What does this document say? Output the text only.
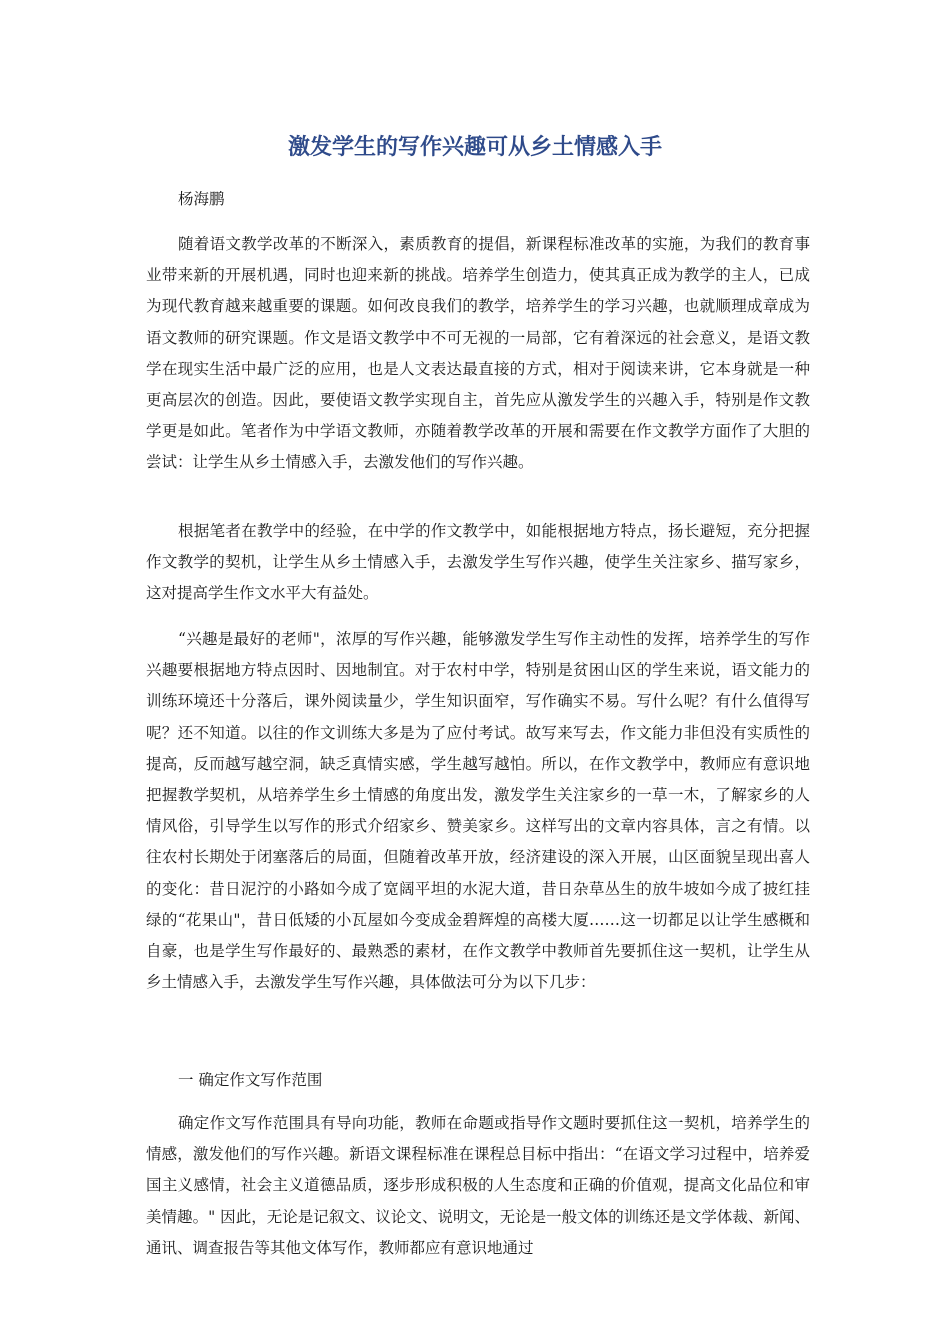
激发学生的写作兴趣可从乡土情感入手
杨海鹏

随着语文教学改革的不断深入，素质教育的提倡，新课程标准改革的实施，为我们的教育事业带来新的开展机遇，同时也迎来新的挑战。培养学生创造力，使其真正成为教学的主人，已成为现代教育越来越重要的课题。如何改良我们的教学，培养学生的学习兴趣，也就顺理成章成为语文教师的研究课题。作文是语文教学中不可无视的一局部，它有着深远的社会意义，是语文教学在现实生活中最广泛的应用，也是人文表达最直接的方式，相对于阅读来讲，它本身就是一种更高层次的创造。因此，要使语文教学实现自主，首先应从激发学生的兴趣入手，特别是作文教学更是如此。笔者作为中学语文教师，亦随着教学改革的开展和需要在作文教学方面作了大胆的尝试：让学生从乡土情感入手，去激发他们的写作兴趣。

根据笔者在教学中的经验，在中学的作文教学中，如能根据地方特点，扬长避短，充分把握作文教学的契机，让学生从乡土情感入手，去激发学生写作兴趣，使学生关注家乡、描写家乡，这对提高学生作文水平大有益处。

“兴趣是最好的老师"，浓厚的写作兴趣，能够激发学生写作主动性的发挥，培养学生的写作兴趣要根据地方特点因时、因地制宜。对于农村中学，特别是贫困山区的学生来说，语文能力的训练环境还十分落后，课外阅读量少，学生知识面窄，写作确实不易。写什么呢？有什么值得写呢？还不知道。以往的作文训练大多是为了应付考试。故写来写去，作文能力非但没有实质性的提高，反而越写越空洞，缺乏真情实感，学生越写越怕。所以，在作文教学中，教师应有意识地把握教学契机，从培养学生乡土情感的角度出发，激发学生关注家乡的一草一木，了解家乡的人情风俗，引导学生以写作的形式介绍家乡、赞美家乡。这样写出的文章内容具体，言之有情。以往农村长期处于闭塞落后的局面，但随着改革开放，经济建设的深入开展，山区面貌呈现出喜人的变化：昔日泥泞的小路如今成了宽阔平坦的水泥大道，昔日杂草丛生的放牛坡如今成了披红挂绿的“花果山"，昔日低矮的小瓦屋如今变成金碧辉煌的高楼大厦……这一切都足以让学生感概和自豪，也是学生写作最好的、最熟悉的素材，在作文教学中教师首先要抓住这一契机，让学生从乡土情感入手，去激发学生写作兴趣，具体做法可分为以下几步：

一 确定作文写作范围

确定作文写作范围具有导向功能，教师在命题或指导作文题时要抓住这一契机，培养学生的情感，激发他们的写作兴趣。新语文课程标准在课程总目标中指出：“在语文学习过程中，培养爱国主义感情，社会主义道德品质，逐步形成积极的人生态度和正确的价值观，提高文化品位和审美情趣。" 因此，无论是记叙文、议论文、说明文，无论是一般文体的训练还是文学体裁、新闻、通讯、调查报告等其他文体写作，教师都应有意识地通过
